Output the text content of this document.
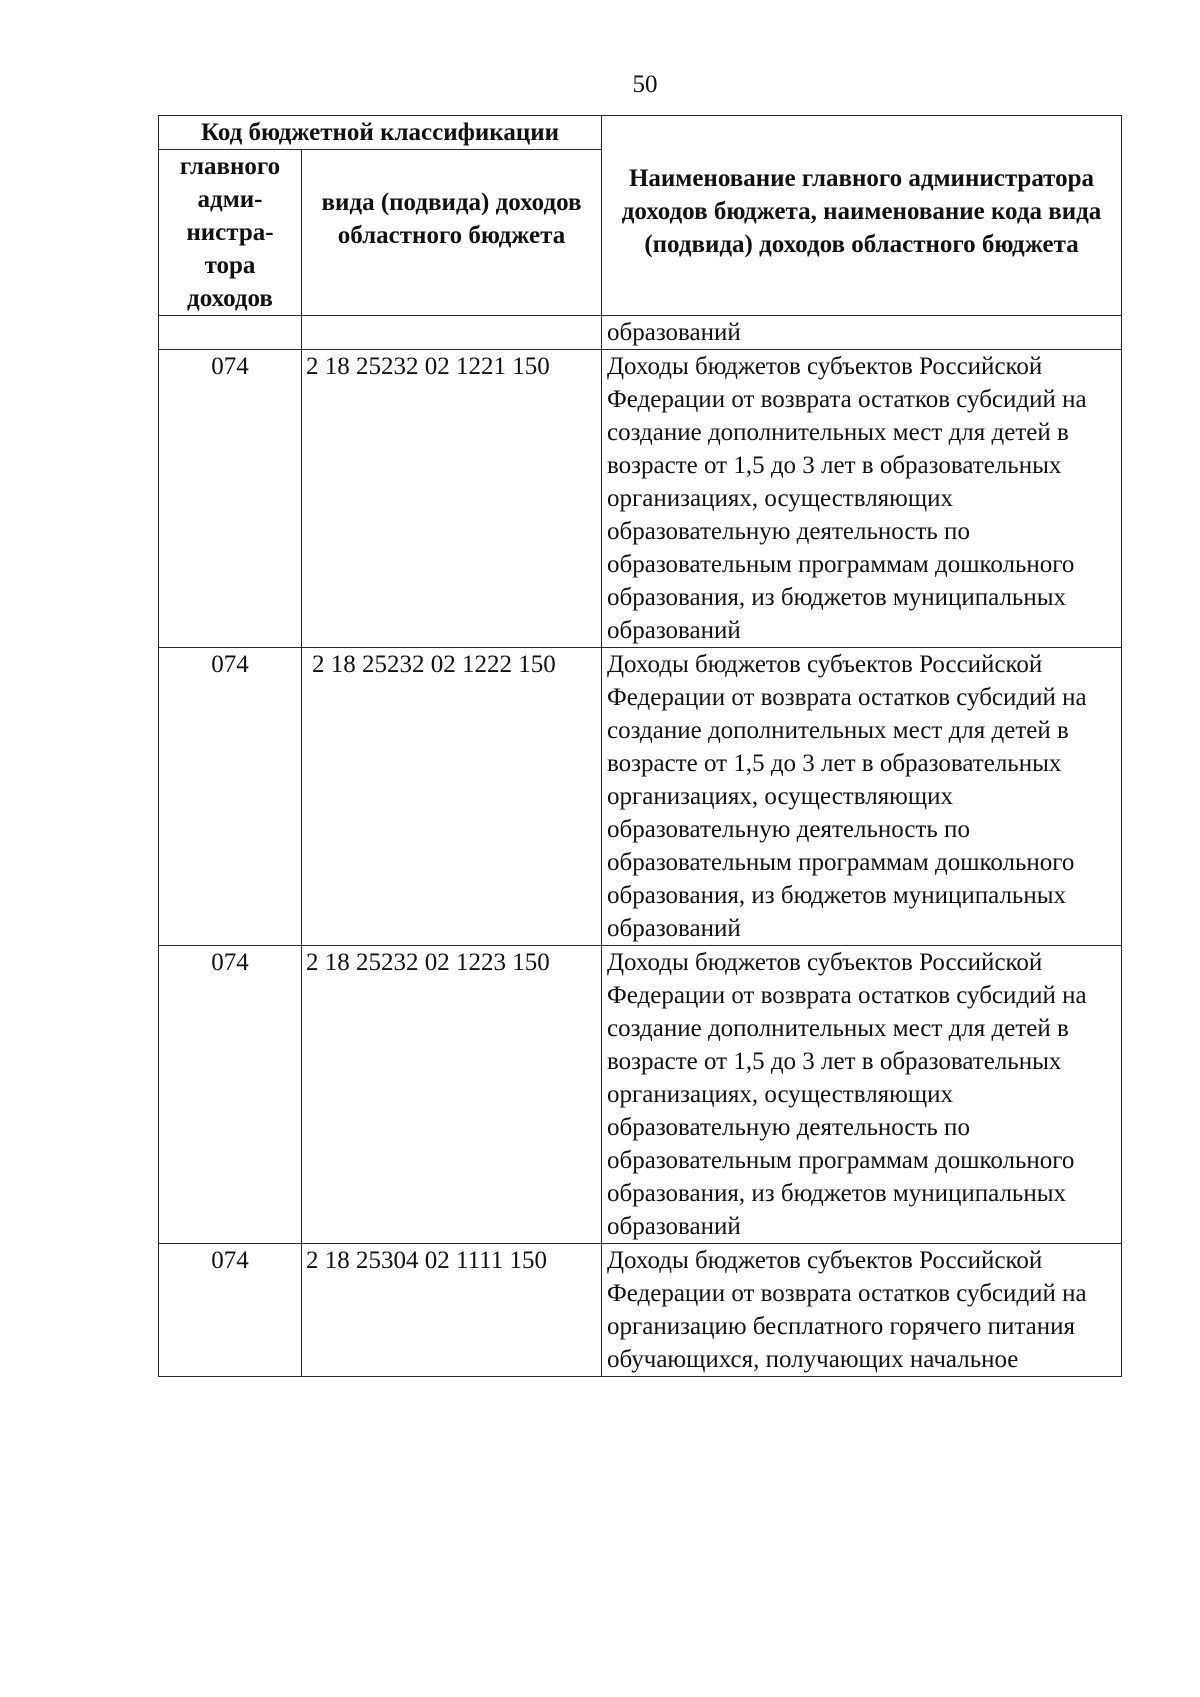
50
Код бюджетной классификации		Наименование главного администратора доходов бюджета, наименование кода вида (подвида) доходов областного бюджета
главного адми-нистра-тора доходов	вида (подвида) доходов областного бюджета	
		образований
074	2 18 25232 02 1221 150	Доходы бюджетов субъектов Российской Федерации от возврата остатков субсидий на создание дополнительных мест для детей в возрасте от 1,5 до 3 лет в образовательных организациях, осуществляющих образовательную деятельность по образовательным программам дошкольного образования, из бюджетов муниципальных образований
074	2 18 25232 02 1222 150	Доходы бюджетов субъектов Российской Федерации от возврата остатков субсидий на создание дополнительных мест для детей в возрасте от 1,5 до 3 лет в образовательных организациях, осуществляющих образовательную деятельность по образовательным программам дошкольного образования, из бюджетов муниципальных образований
074	2 18 25232 02 1223 150	Доходы бюджетов субъектов Российской Федерации от возврата остатков субсидий на создание дополнительных мест для детей в возрасте от 1,5 до 3 лет в образовательных организациях, осуществляющих образовательную деятельность по образовательным программам дошкольного образования, из бюджетов муниципальных образований
074	2 18 25304 02 1111 150	Доходы бюджетов субъектов Российской Федерации от возврата остатков субсидий на организацию бесплатного горячего питания обучающихся, получающих начальное
